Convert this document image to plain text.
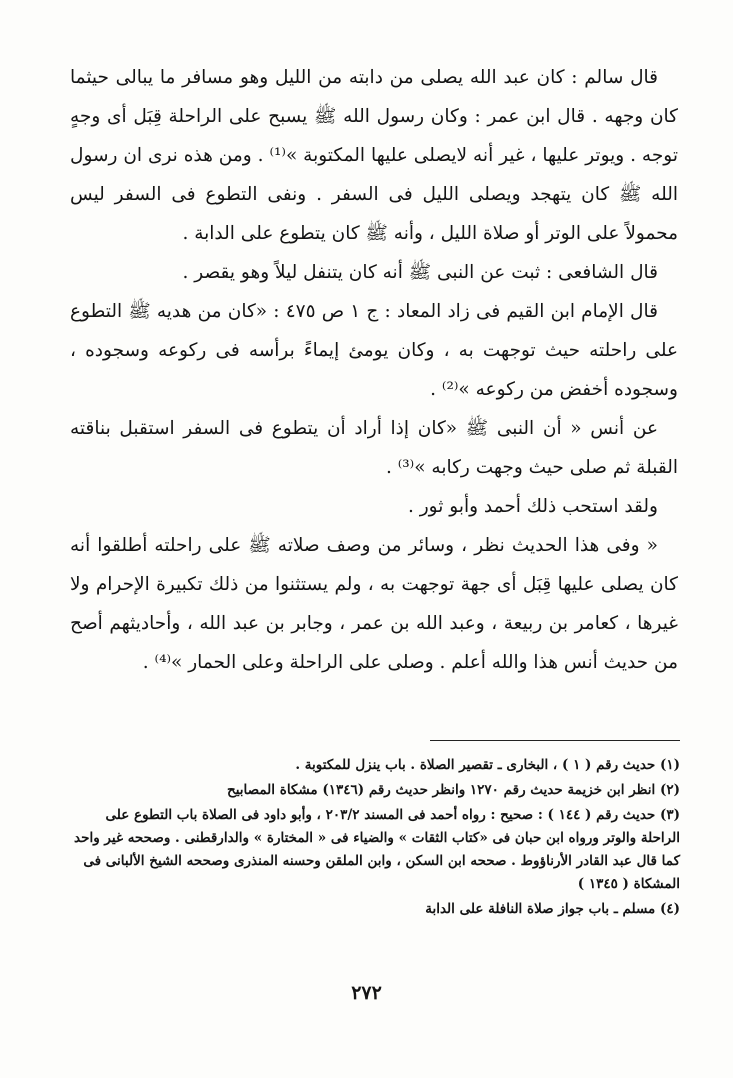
قال سالم : كان عبد الله يصلى من دابته من الليل وهو مسافر ما يبالى حيثما كان وجهه . قال ابن عمر : وكان رسول الله ﷺ يسبح على الراحلة قِبَل أى وجهٍ توجه . ويوتر عليها ، غير أنه لايصلى عليها المكتوبة »⁽¹⁾ . ومن هذه نرى ان رسول الله ﷺ كان يتهجد ويصلى الليل فى السفر . ونفى التطوع فى السفر ليس محمولاً على الوتر أو صلاة الليل ، وأنه ﷺ كان يتطوع على الدابة .

قال الشافعى : ثبت عن النبى ﷺ أنه كان يتنفل ليلاً وهو يقصر .

قال الإمام ابن القيم فى زاد المعاد : ج ١ ص ٤٧٥ : «كان من هديه ﷺ التطوع على راحلته حيث توجهت به ، وكان يومئ إيماءً برأسه فى ركوعه وسجوده ، وسجوده أخفض من ركوعه »⁽²⁾ .

عن أنس « أن النبى ﷺ «كان إذا أراد أن يتطوع فى السفر استقبل بناقته القبلة ثم صلى حيث وجهت ركابه »⁽³⁾ .

ولقد استحب ذلك أحمد وأبو ثور .

« وفى هذا الحديث نظر ، وسائر من وصف صلاته ﷺ على راحلته أطلقوا أنه كان يصلى عليها قِبَل أى جهة توجهت به ، ولم يستثنوا من ذلك تكبيرة الإحرام ولا غيرها ، كعامر بن ربيعة ، وعبد الله بن عمر ، وجابر بن عبد الله ، وأحاديثهم أصح من حديث أنس هذا والله أعلم . وصلى على الراحلة وعلى الحمار »⁽⁴⁾ .

(١) حديث رقم ( ١ ) ، البخارى ـ تقصير الصلاة . باب ينزل للمكتوبة .

(٢) انظر ابن خزيمة حديث رقم ١٢٧٠ وانظر حديث رقم (١٣٤٦) مشكاة المصابيح

(٣) حديث رقم ( ١٤٤ ) : صحيح : رواه أحمد فى المسند ٢٠٣/٢ ، وأبو داود فى الصلاة باب التطوع على الراحلة والوتر ورواه ابن حبان فى «كتاب الثقات » والضياء فى « المختارة » والدارقطنى . وصححه غير واحد كما قال عبد القادر الأرناؤوط . صححه ابن السكن ، وابن الملقن وحسنه المنذرى وصححه الشيخ الألبانى فى المشكاة ( ١٣٤٥ )

(٤) مسلم ـ باب جواز صلاة النافلة على الدابة

٢٧٢
